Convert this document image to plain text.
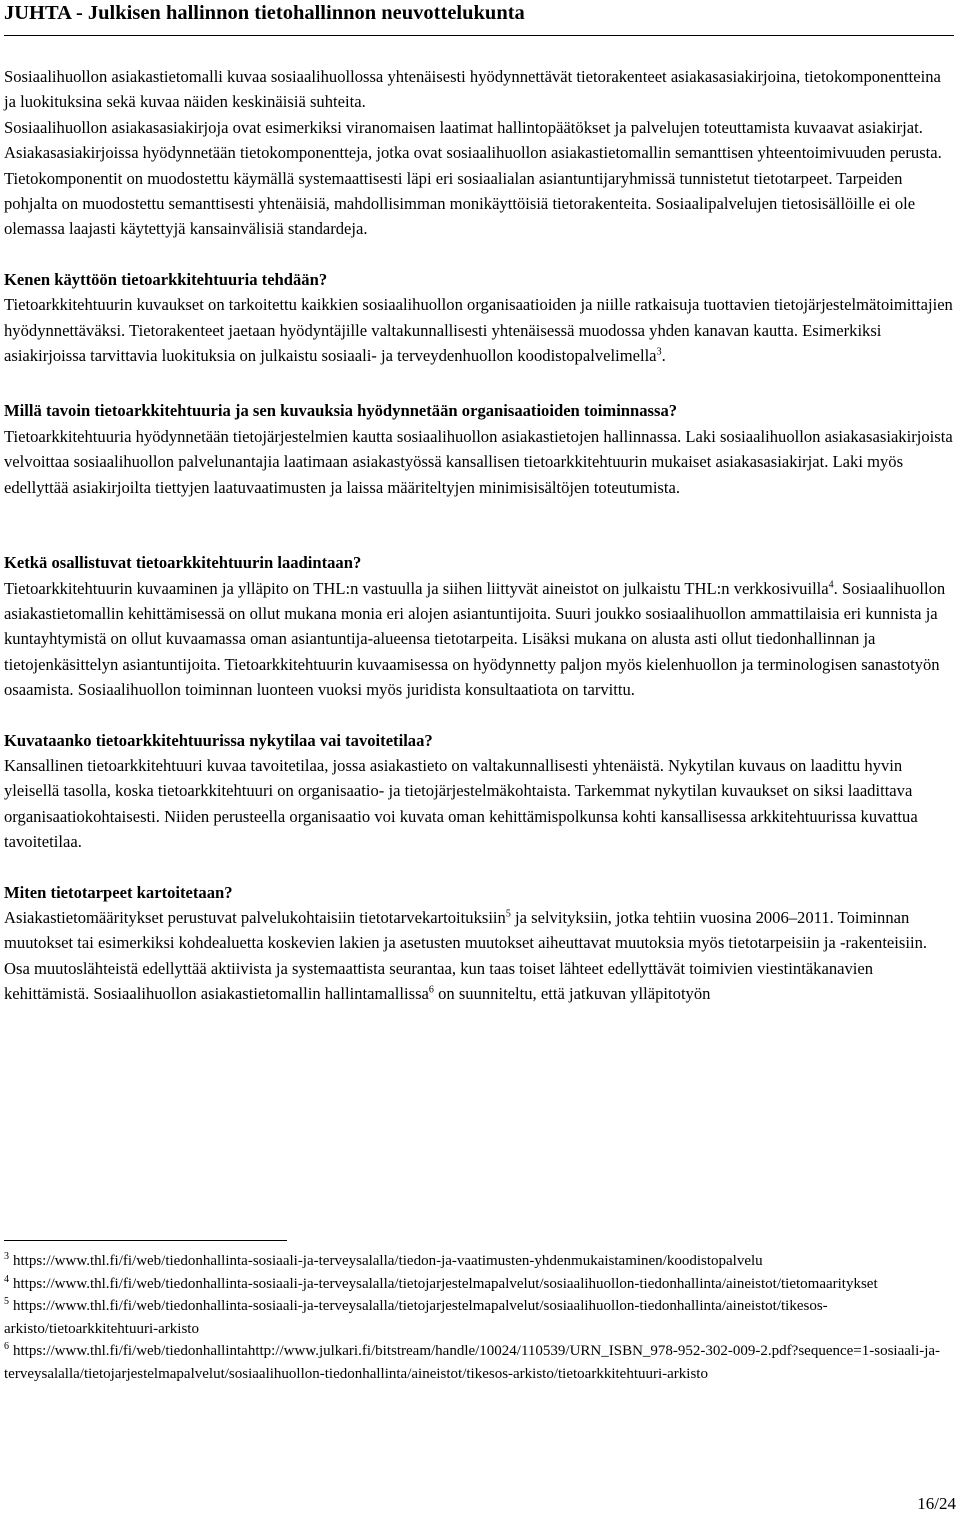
JUHTA - Julkisen hallinnon tietohallinnon neuvottelukunta

Sosiaalihuollon asiakastietomalli kuvaa sosiaalihuollossa yhtenäisesti hyödynnettävät tietorakenteet asiakasasiakirjoina, tietokomponentteina ja luokituksina sekä kuvaa näiden keskinäisiä suhteita.

Sosiaalihuollon asiakasasiakirjoja ovat esimerkiksi viranomaisen laatimat hallintopäätökset ja palvelujen toteuttamista kuvaavat asiakirjat. Asiakasasiakirjoissa hyödynnetään tietokomponentteja, jotka ovat sosiaalihuollon asiakastietomallin semanttisen yhteentoimivuuden perusta. Tietokomponentit on muodostettu käymällä systemaattisesti läpi eri sosiaalialan asiantuntijaryhmissä tunnistetut tietotarpeet. Tarpeiden pohjalta on muodostettu semanttisesti yhtenäisiä, mahdollisimman monikäyttöisiä tietorakenteita. Sosiaalipalvelujen tietosisällöille ei ole olemassa laajasti käytettyjä kansainvälisiä standardeja.

Kenen käyttöön tietoarkkitehtuuria tehdään?

Tietoarkkitehtuurin kuvaukset on tarkoitettu kaikkien sosiaalihuollon organisaatioiden ja niille ratkaisuja tuottavien tietojärjestelmätoimittajien hyödynnettäväksi. Tietorakenteet jaetaan hyödyntäjille valtakunnallisesti yhtenäisessä muodossa yhden kanavan kautta. Esimerkiksi asiakirjoissa tarvittavia luokituksia on julkaistu sosiaali- ja terveydenhuollon koodistopalvelimella$^3$.

Millä tavoin tietoarkkitehtuuria ja sen kuvauksia hyödynnetään organisaatioiden toiminnassa?

Tietoarkkitehtuuria hyödynnetään tietojärjestelmien kautta sosiaalihuollon asiakastietojen hallinnassa. Laki sosiaalihuollon asiakasasiakirjoista velvoittaa sosiaalihuollon palvelunantajia laatimaan asiakastyössä kansallisen tietoarkkitehtuurin mukaiset asiakasasiakirjat. Laki myös edellyttää asiakirjoilta tiettyjen laatuvaatimusten ja laissa määriteltyjen minimisisältöjen toteutumista.

Ketkä osallistuvat tietoarkkitehtuurin laadintaan?

Tietoarkkitehtuurin kuvaaminen ja ylläpito on THL:n vastuulla ja siihen liittyvät aineistot on julkaistu THL:n verkkosivuilla$^4$. Sosiaalihuollon asiakastietomallin kehittämisessä on ollut mukana monia eri alojen asiantuntijoita. Suuri joukko sosiaalihuollon ammattilaisia eri kunnista ja kuntayhtymistä on ollut kuvaamassa oman asiantuntija-alueensa tietotarpeita. Lisäksi mukana on alusta asti ollut tiedonhallinnan ja tietojenkäsittelyn asiantuntijoita. Tietoarkkitehtuurin kuvaamisessa on hyödynnetty paljon myös kielenhuollon ja terminologisen sanastotyön osaamista. Sosiaalihuollon toiminnan luonteen vuoksi myös juridista konsultaatiota on tarvittu.

Kuvataanko tietoarkkitehtuurissa nykytilaa vai tavoitetilaa?

Kansallinen tietoarkkitehtuuri kuvaa tavoitetilaa, jossa asiakastieto on valtakunnallisesti yhtenäistä. Nykytilan kuvaus on laadittu hyvin yleisellä tasolla, koska tietoarkkitehtuuri on organisaatio- ja tietojärjestelmäkohtaista. Tarkemmat nykytilan kuvaukset on siksi laadittava organisaatiokohtaisesti. Niiden perusteella organisaatio voi kuvata oman kehittämispolkunsa kohti kansallisessa arkkitehtuurissa kuvattua tavoitetilaa.

Miten tietotarpeet kartoitetaan?

Asiakastietomääritykset perustuvat palvelukohtaisiin tietotarvekartoituksiin$^5$ ja selvityksiin, jotka tehtiin vuosina 2006–2011. Toiminnan muutokset tai esimerkiksi kohdealuetta koskevien lakien ja asetusten muutokset aiheuttavat muutoksia myös tietotarpeisiin ja -rakenteisiin. Osa muutoslähteistä edellyttää aktiivista ja systemaattista seurantaa, kun taas toiset lähteet edellyttävät toimivien viestintäkanavien kehittämistä. Sosiaalihuollon asiakastietomallin hallintamallissa$^6$ on suunniteltu, että jatkuvan ylläpitotyön

$^3$ https://www.thl.fi/fi/web/tiedonhallinta-sosiaali-ja-terveysalalla/tiedon-ja-vaatimusten-yhdenmukaistaminen/koodistopalvelu

$^4$ https://www.thl.fi/fi/web/tiedonhallinta-sosiaali-ja-terveysalalla/tietojarjestelmapalvelut/sosiaalihuollon-tiedonhallinta/aineistot/tietomaaritykset

$^5$ https://www.thl.fi/fi/web/tiedonhallinta-sosiaali-ja-terveysalalla/tietojarjestelmapalvelut/sosiaalihuollon-tiedonhallinta/aineistot/tikesos-arkisto/tietoarkkitehtuuri-arkisto

$^6$ https://www.thl.fi/fi/web/tiedonhallintahttp://www.julkari.fi/bitstream/handle/10024/110539/URN_ISBN_978-952-302-009-2.pdf?sequence=1-sosiaali-ja-terveysalalla/tietojarjestelmapalvelut/sosiaalihuollon-tiedonhallinta/aineistot/tikesos-arkisto/tietoarkkitehtuuri-arkisto

16/24
